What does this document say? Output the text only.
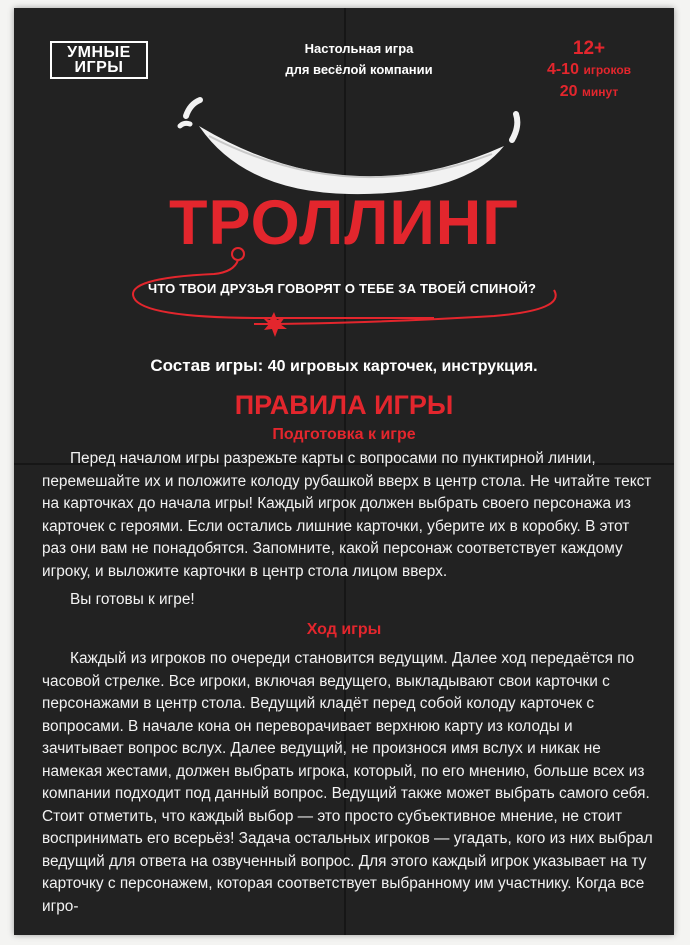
УМНЫЕ
ИГРЫ
Настольная игра
для весёлой компании
12+
4-10 игроков
20 минут
ТРОЛЛИНГ
ЧТО ТВОИ ДРУЗЬЯ ГОВОРЯТ О ТЕБЕ ЗА ТВОЕЙ СПИНОЙ?
Состав игры: 40 игровых карточек, инструкция.
ПРАВИЛА ИГРЫ
Подготовка к игре

Перед началом игры разрежьте карты с вопросами по пунктирной линии, перемешайте их и положите колоду рубашкой вверх в центр стола. Не читайте текст на карточках до начала игры! Каждый игрок должен выбрать своего персонажа из карточек с героями. Если остались лишние карточки, уберите их в коробку. В этот раз они вам не понадобятся. Запомните, какой персонаж соответствует каждому игроку, и выложите карточки в центр стола лицом вверх.

Вы готовы к игре!

Ход игры

Каждый из игроков по очереди становится ведущим. Далее ход передаётся по часовой стрелке. Все игроки, включая ведущего, выкладывают свои карточки с персонажами в центр стола. Ведущий кладёт перед собой колоду карточек с вопросами. В начале кона он переворачивает верхнюю карту из колоды и зачитывает вопрос вслух. Далее ведущий, не произнося имя вслух и никак не намекая жестами, должен выбрать игрока, который, по его мнению, больше всех из компании подходит под данный вопрос. Ведущий также может выбрать самого себя. Стоит отметить, что каждый выбор — это просто субъективное мнение, не стоит воспринимать его всерьёз! Задача остальных игроков — угадать, кого из них выбрал ведущий для ответа на озвученный вопрос. Для этого каждый игрок указывает на ту карточку с персонажем, которая соответствует выбранному им участнику. Когда все игро-
